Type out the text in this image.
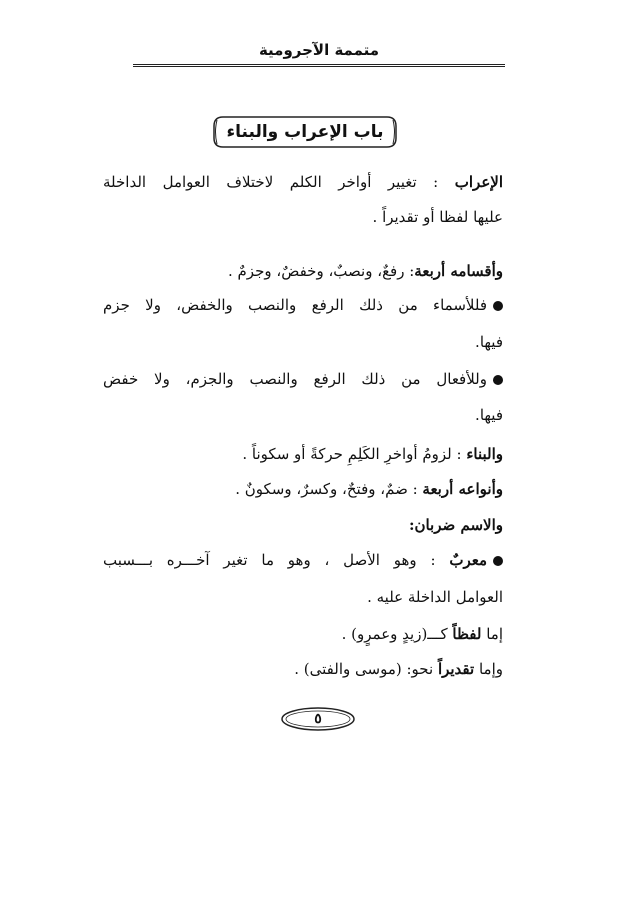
متممة الآجرومية
باب الإعراب والبناء
الإعراب : تغيير أواخر الكلم لاختلاف العوامل الداخلة
عليها لفظا أو تقديراً .
وأقسامه أربعة: رفعٌ، ونصبٌ، وخفضٌ، وجزمٌ .
فللأسماء من ذلك الرفع والنصب والخفض، ولا جزم
فيها.
وللأفعال من ذلك الرفع والنصب والجزم، ولا خفض
فيها.
والبناء : لزومُ أواخرِ الكَلِمِ حركةً أو سكوناً .
وأنواعه أربعة : ضمٌ، وفتحٌ، وكسرٌ، وسكونٌ .
والاسم ضربان:
معربٌ : وهو الأصل ، وهو ما تغير آخـــره بـــسبب
العوامل الداخلة عليه .
إما لفظاً كـــ(زيدٍ وعمرٍو) .
وإما تقديراً نحو: (موسى والفتى) .
٥
